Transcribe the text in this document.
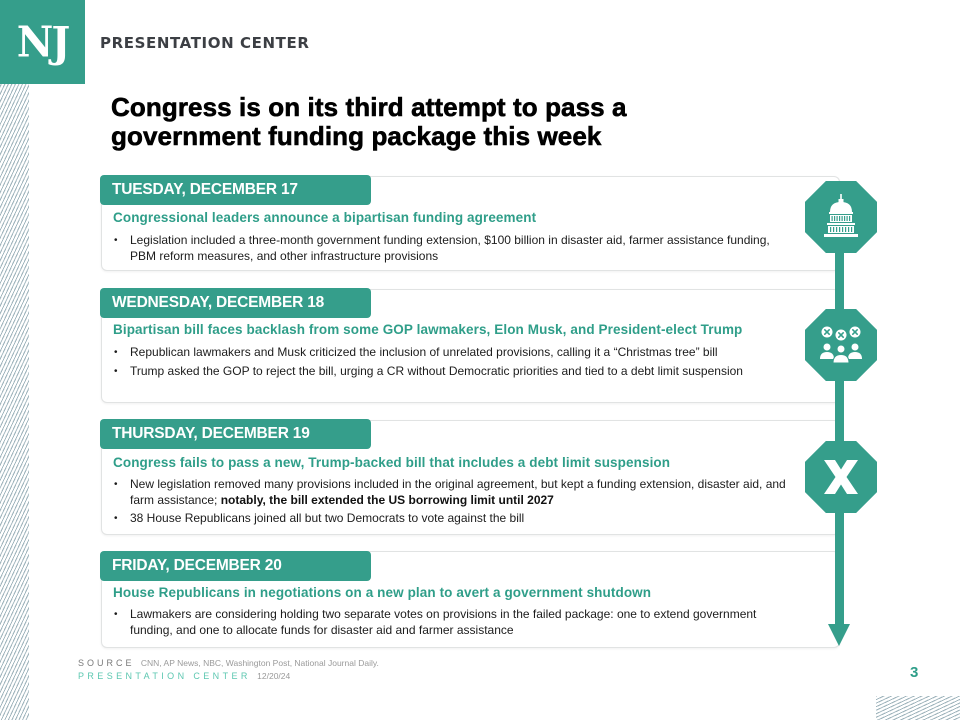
NJ PRESENTATION CENTER
Congress is on its third attempt to pass a
government funding package this week
TUESDAY, DECEMBER 17
Congressional leaders announce a bipartisan funding agreement
• Legislation included a three-month government funding extension, $100 billion in disaster aid, farmer assistance funding, PBM reform measures, and other infrastructure provisions
WEDNESDAY, DECEMBER 18
Bipartisan bill faces backlash from some GOP lawmakers, Elon Musk, and President-elect Trump
• Republican lawmakers and Musk criticized the inclusion of unrelated provisions, calling it a “Christmas tree” bill
• Trump asked the GOP to reject the bill, urging a CR without Democratic priorities and tied to a debt limit suspension
THURSDAY, DECEMBER 19
Congress fails to pass a new, Trump-backed bill that includes a debt limit suspension
• New legislation removed many provisions included in the original agreement, but kept a funding extension, disaster aid, and farm assistance; notably, the bill extended the US borrowing limit until 2027
• 38 House Republicans joined all but two Democrats to vote against the bill
FRIDAY, DECEMBER 20
House Republicans in negotiations on a new plan to avert a government shutdown
• Lawmakers are considering holding two separate votes on provisions in the failed package: one to extend government funding, and one to allocate funds for disaster aid and farmer assistance
SOURCE CNN, AP News, NBC, Washington Post, National Journal Daily.
PRESENTATION CENTER 12/20/24	3
